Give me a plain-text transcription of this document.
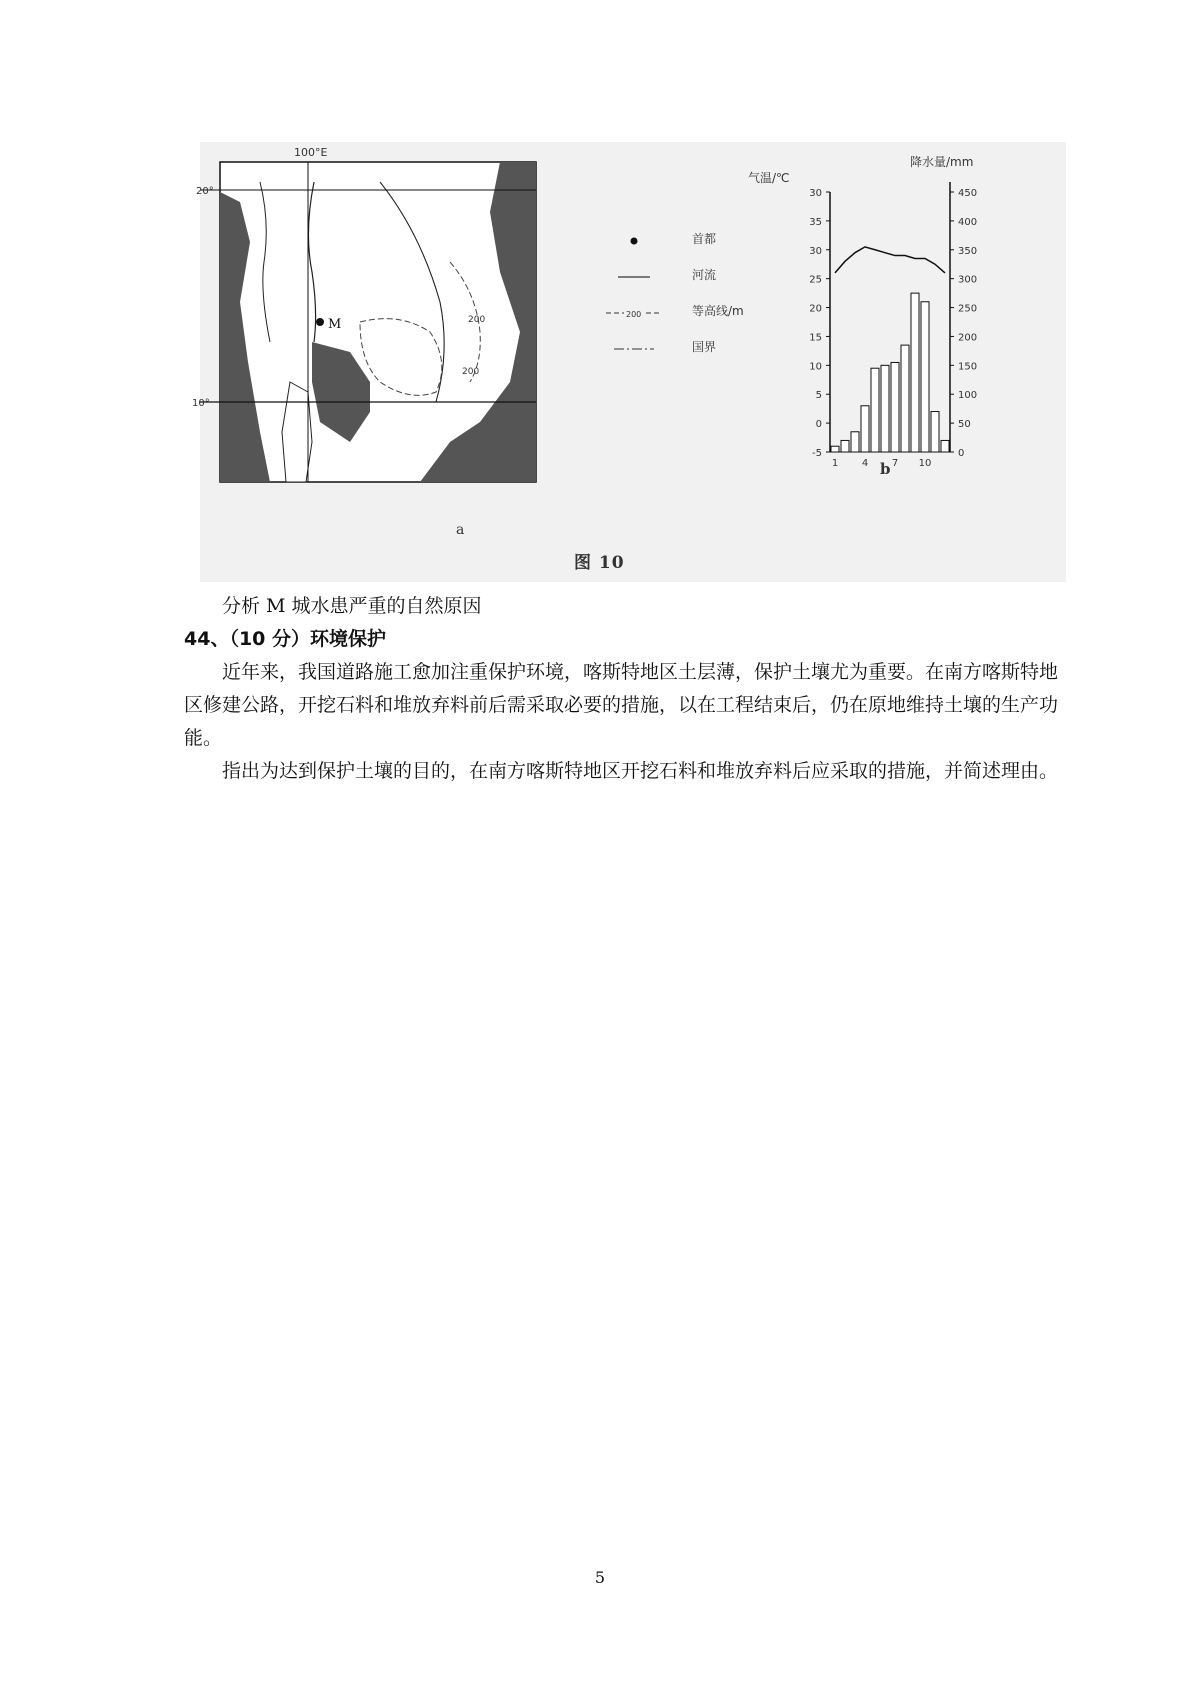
100°E
20°
10°
M	200
200
a
首都
河流
200	等高线/m
国界
气温/℃
降水量/mm
b
30
35
30
25
20
15
10
5
0
-5
450
400
350
300
250
200
150
100
50
0
1 4 7 10
图 10

分析 M 城水患严重的自然原因

44、（10 分）环境保护

近年来，我国道路施工愈加注重保护环境，喀斯特地区土层薄，保护土壤尤为重要。在南方喀斯特地区修建公路，开挖石料和堆放弃料前后需采取必要的措施，以在工程结束后，仍在原地维持土壤的生产功能。

指出为达到保护土壤的目的，在南方喀斯特地区开挖石料和堆放弃料后应采取的措施，并简述理由。

5
